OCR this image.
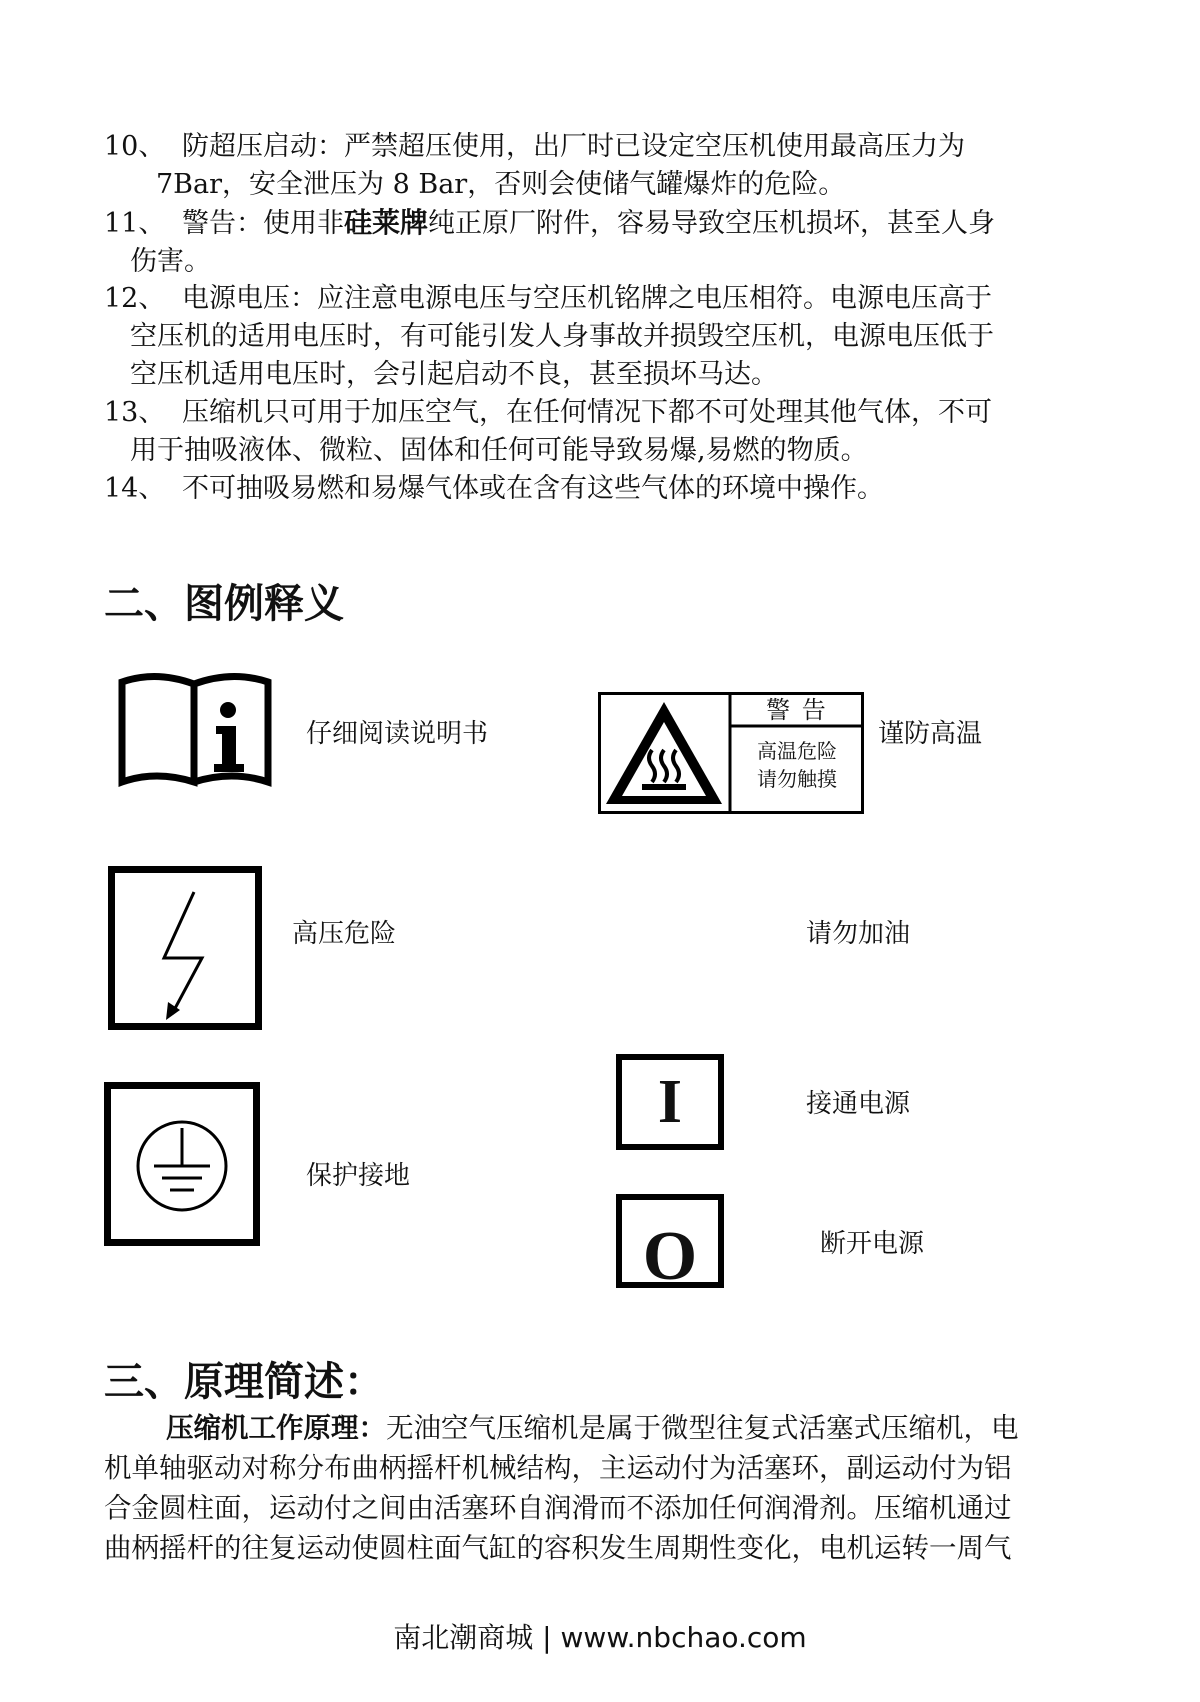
10、 防超压启动：严禁超压使用，出厂时已设定空压机使用最高压力为
7Bar，安全泄压为 8 Bar，否则会使储气罐爆炸的危险。
11、 警告：使用非硅莱牌纯正原厂附件，容易导致空压机损坏，甚至人身
伤害。
12、 电源电压：应注意电源电压与空压机铭牌之电压相符。电源电压高于
空压机的适用电压时，有可能引发人身事故并损毁空压机，电源电压低于
空压机适用电压时，会引起启动不良，甚至损坏马达。
13、 压缩机只可用于加压空气，在任何情况下都不可处理其他气体，不可
用于抽吸液体、微粒、固体和任何可能导致易爆,易燃的物质。
14、 不可抽吸易燃和易爆气体或在含有这些气体的环境中操作。
二、图例释义
仔细阅读说明书
警 告
高温危险
请勿触摸
谨防高温
高压危险	请勿加油
保护接地
I	接通电源
O	断开电源
三、原理简述：
压缩机工作原理：无油空气压缩机是属于微型往复式活塞式压缩机，电
机单轴驱动对称分布曲柄摇杆机械结构，主运动付为活塞环，副运动付为铝
合金圆柱面，运动付之间由活塞环自润滑而不添加任何润滑剂。压缩机通过
曲柄摇杆的往复运动使圆柱面气缸的容积发生周期性变化，电机运转一周气
南北潮商城 | www.nbchao.com
